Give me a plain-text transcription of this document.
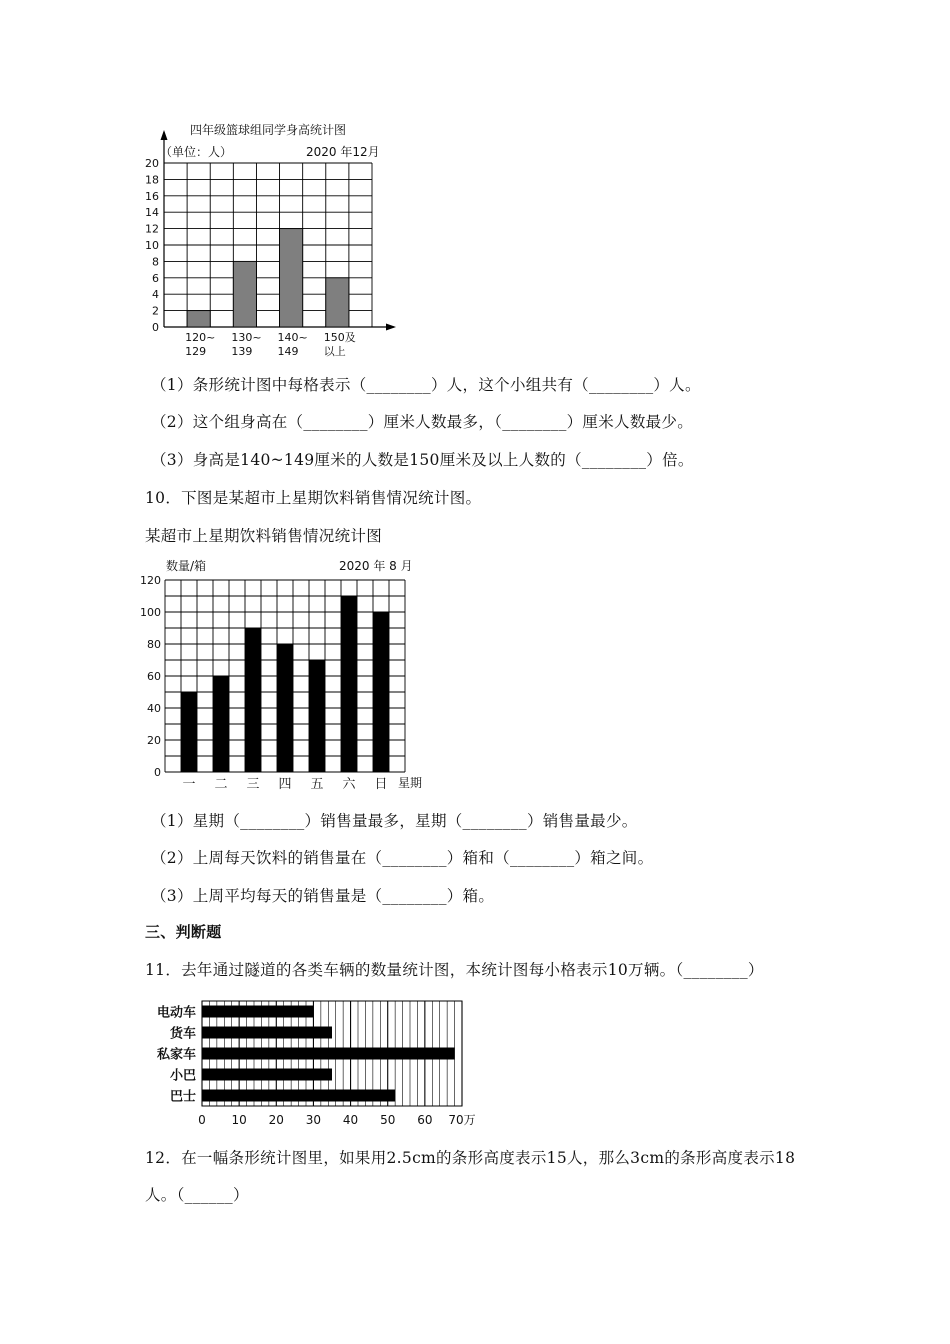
四年级篮球组同学身高统计图
（单位：人）	2020 年12月
0
2
4
6
8
10
12
14
16
18
20
120~
129
130~
139
140~
149
150及
以上
（1）条形统计图中每格表示（________）人，这个小组共有（________）人。
（2）这个组身高在（________）厘米人数最多，（________）厘米人数最少。
（3）身高是140~149厘米的人数是150厘米及以上人数的（________）倍。
10．下图是某超市上星期饮料销售情况统计图。
某超市上星期饮料销售情况统计图
数量/箱	2020 年 8 月
0
20
40
60
80
100
120
一 二 三 四 五 六 日 星期
（1）星期（________）销售量最多，星期（________）销售量最少。
（2）上周每天饮料的销售量在（________）箱和（________）箱之间。
（3）上周平均每天的销售量是（________）箱。
三、判断题
11．去年通过隧道的各类车辆的数量统计图，本统计图每小格表示10万辆。（________）
电动车
货车
私家车
小巴
巴士
0 10 20 30 40 50 60 70万
12．在一幅条形统计图里，如果用2.5cm的条形高度表示15人，那么3cm的条形高度表示18
人。（______）
